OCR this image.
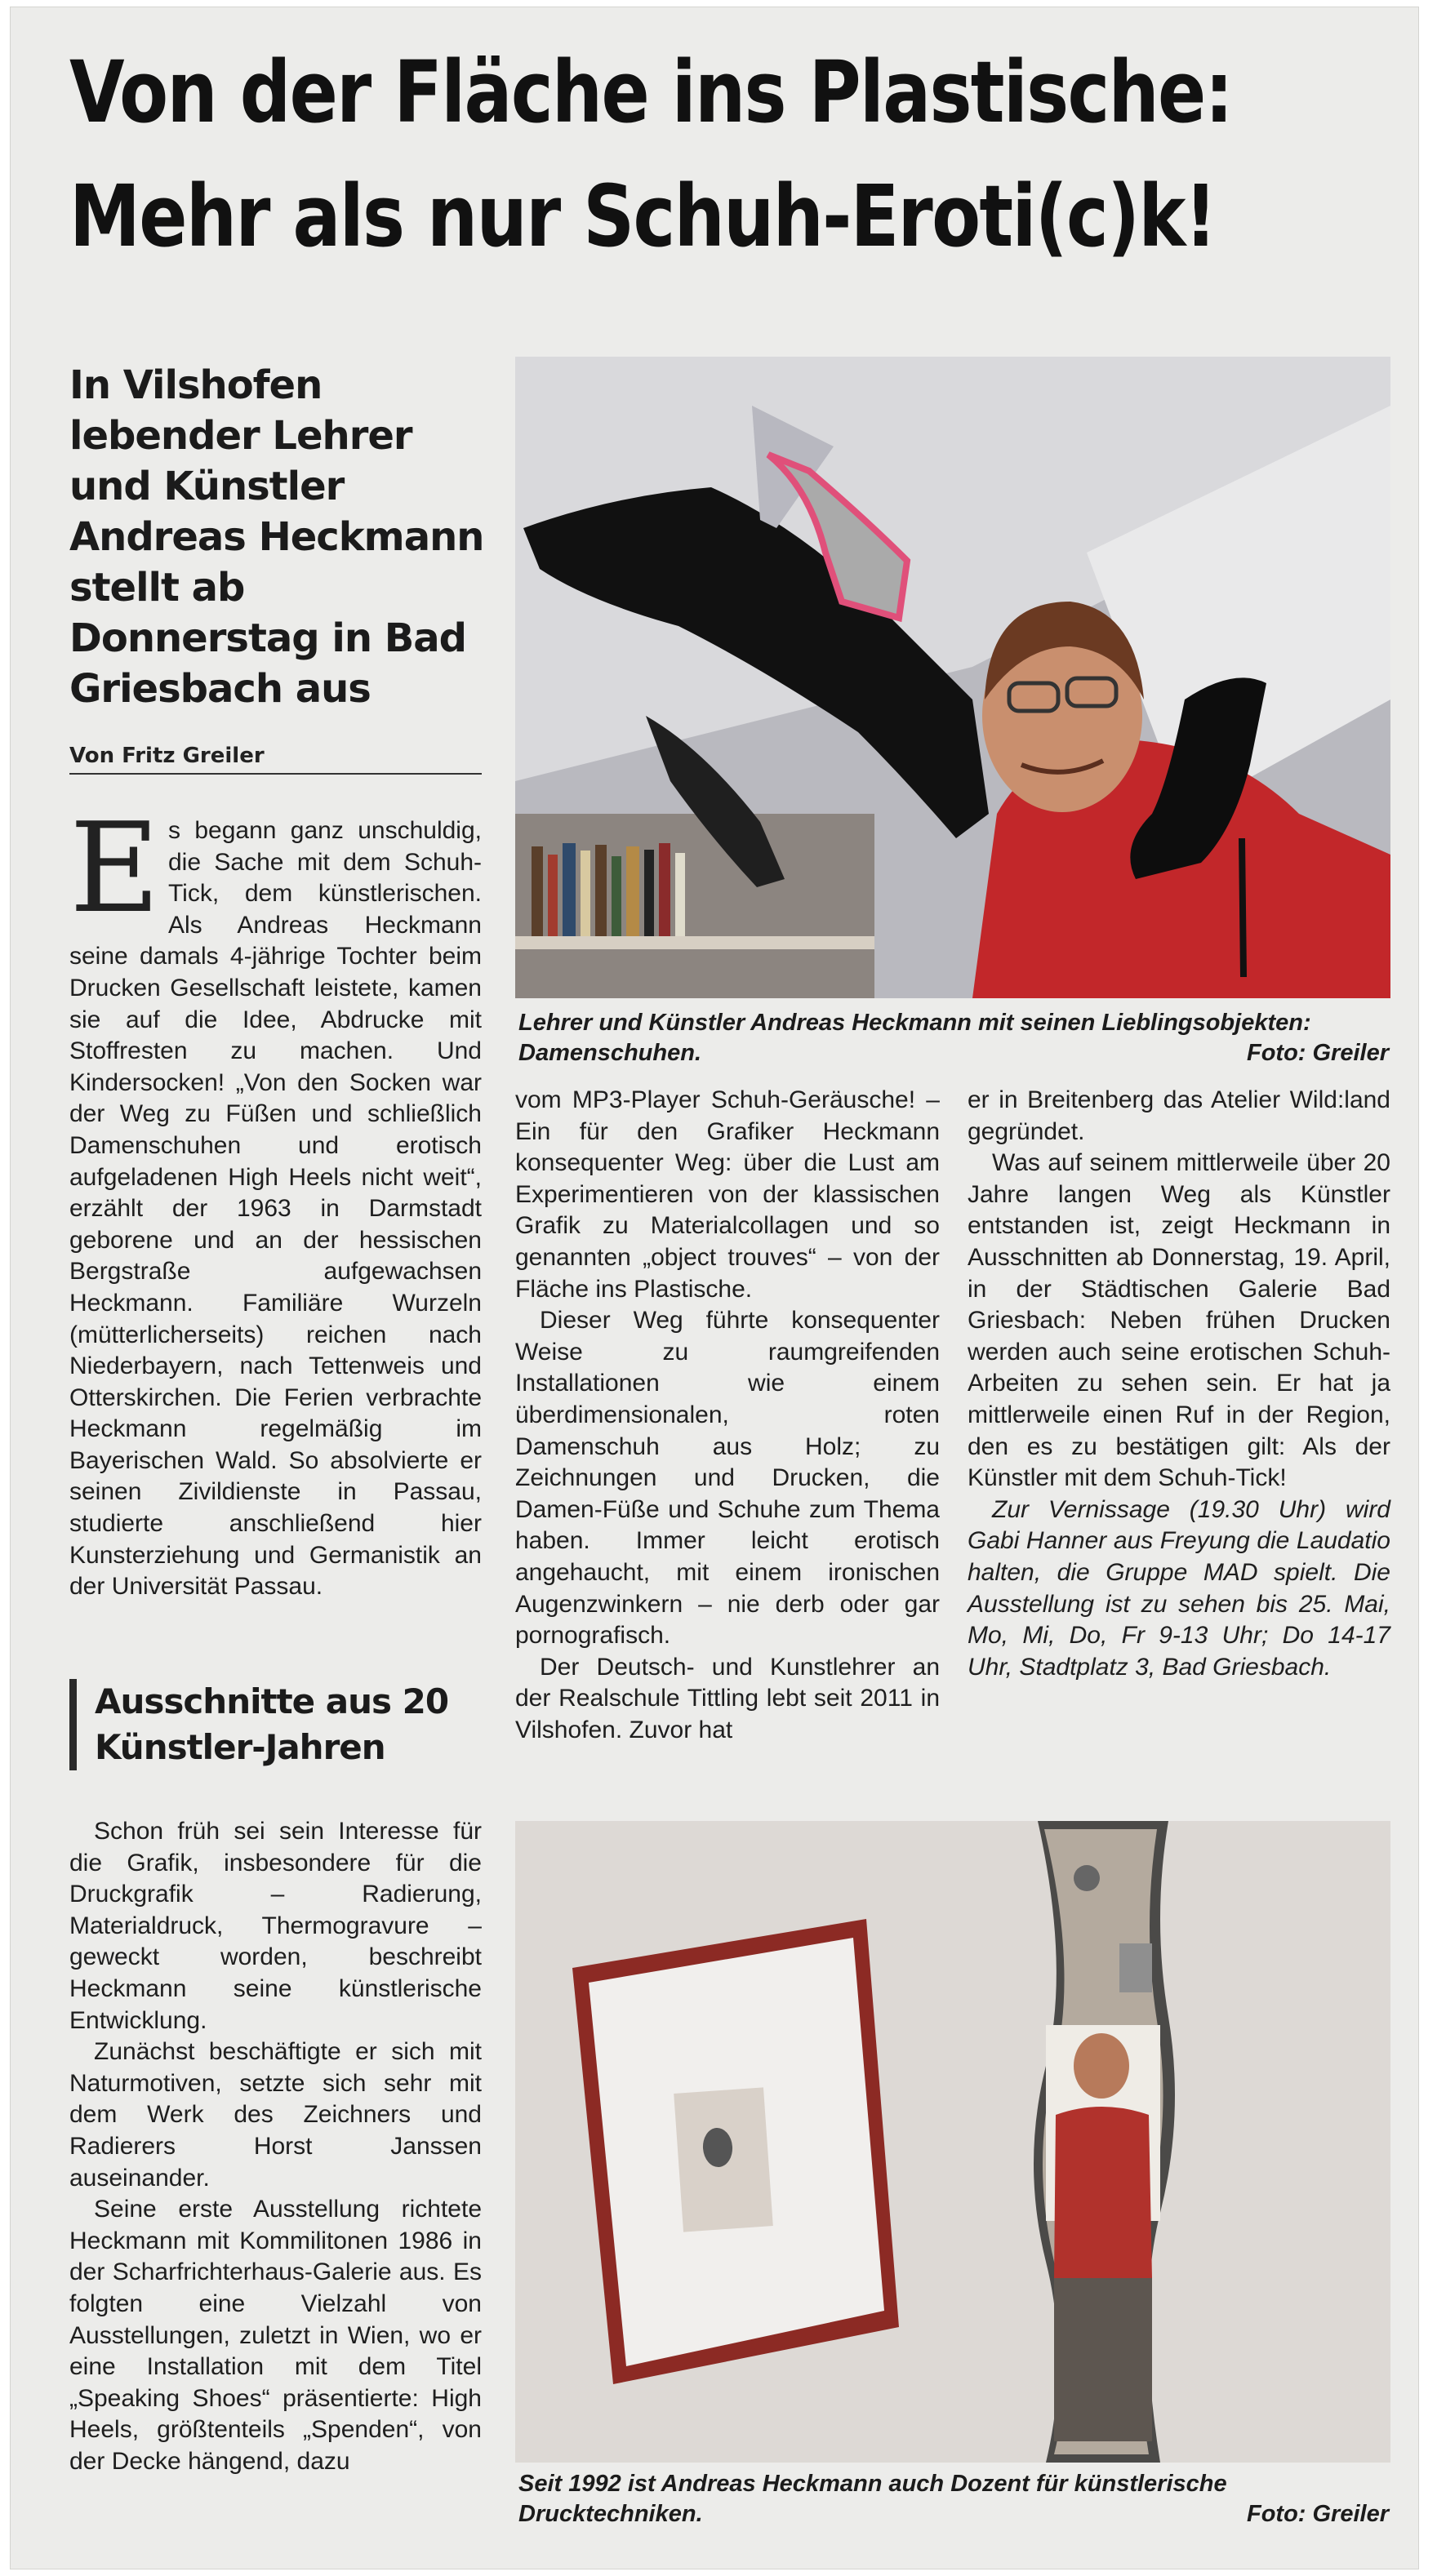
Von der Fläche ins Plastische:
Mehr als nur Schuh-Eroti(c)k!
In Vilshofen lebender Lehrer und Künstler Andreas Heckmann stellt ab Donnerstag in Bad Griesbach aus
Von Fritz Greiler

Es begann ganz unschuldig, die Sache mit dem Schuh-Tick, dem künstlerischen. Als Andreas Heckmann seine damals 4-jährige Tochter beim Drucken Gesellschaft leistete, kamen sie auf die Idee, Abdrucke mit Stoffresten zu machen. Und Kindersocken! „Von den Socken war der Weg zu Füßen und schließlich Damenschuhen und erotisch aufgeladenen High Heels nicht weit“, erzählt der 1963 in Darmstadt geborene und an der hessischen Bergstraße aufgewachsen Heckmann. Familiäre Wurzeln (mütterlicherseits) reichen nach Niederbayern, nach Tettenweis und Otterskirchen. Die Ferien verbrachte Heckmann regelmäßig im Bayerischen Wald. So absolvierte er seinen Zivildienste in Passau, studierte anschließend hier Kunsterziehung und Germanistik an der Universität Passau.

Ausschnitte aus 20 Künstler-Jahren

Schon früh sei sein Interesse für die Grafik, insbesondere für die Druckgrafik – Radierung, Materialdruck, Thermogravure – geweckt worden, beschreibt Heckmann seine künstlerische Entwicklung.

Zunächst beschäftigte er sich mit Naturmotiven, setzte sich sehr mit dem Werk des Zeichners und Radierers Horst Janssen auseinander.

Seine erste Ausstellung richtete Heckmann mit Kommilitonen 1986 in der Scharfrichterhaus-Galerie aus. Es folgten eine Vielzahl von Ausstellungen, zuletzt in Wien, wo er eine Installation mit dem Titel „Speaking Shoes“ präsentierte: High Heels, größtenteils „Spenden“, von der Decke hängend, dazu

Lehrer und Künstler Andreas Heckmann mit seinen Lieblingsobjekten: Damenschuhen.	Foto: Greiler

vom MP3-Player Schuh-Geräusche! – Ein für den Grafiker Heckmann konsequenter Weg: über die Lust am Experimentieren von der klassischen Grafik zu Materialcollagen und so genannten „object trouves“ – von der Fläche ins Plastische.

Dieser Weg führte konsequenter Weise zu raumgreifenden Installationen wie einem überdimensionalen, roten Damenschuh aus Holz; zu Zeichnungen und Drucken, die Damen-Füße und Schuhe zum Thema haben. Immer leicht erotisch angehaucht, mit einem ironischen Augenzwinkern – nie derb oder gar pornografisch.

Der Deutsch- und Kunstlehrer an der Realschule Tittling lebt seit 2011 in Vilshofen. Zuvor hat

er in Breitenberg das Atelier Wild:land gegründet.

Was auf seinem mittlerweile über 20 Jahre langen Weg als Künstler entstanden ist, zeigt Heckmann in Ausschnitten ab Donnerstag, 19. April, in der Städtischen Galerie Bad Griesbach: Neben frühen Drucken werden auch seine erotischen Schuh-Arbeiten zu sehen sein. Er hat ja mittlerweile einen Ruf in der Region, den es zu bestätigen gilt: Als der Künstler mit dem Schuh-Tick!

Zur Vernissage (19.30 Uhr) wird Gabi Hanner aus Freyung die Laudatio halten, die Gruppe MAD spielt. Die Ausstellung ist zu sehen bis 25. Mai, Mo, Mi, Do, Fr 9-13 Uhr; Do 14-17 Uhr, Stadtplatz 3, Bad Griesbach.

Seit 1992 ist Andreas Heckmann auch Dozent für künstlerische Drucktechniken.	Foto: Greiler
